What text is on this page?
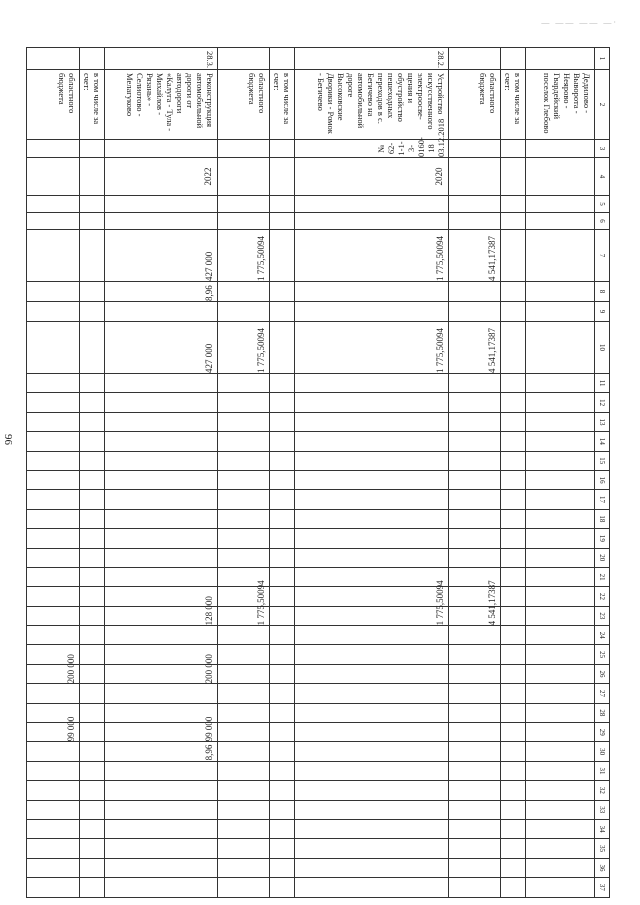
— —— —— —·
96
1	2	3	4	5	6	7	8	9	10	11	12	13	14	15	16	17	18	19	20	21	22	23	24	25	26	27	28	29	30	31	32	33	34	35	36	37
	Дедилово - Выворота - Неярово - Гвардейский поселок Глебово																																			
	в том числе за счет:																																			
	областного бюджета					4 541,17387			4 541,17387													4 541,17387														

28.2.	Устройство искусственного электроосве-щения и обустройство пешеходных переходов в с. Бегичево на автомобильной дороге Высоковские Дворики - Ромок - Бегичево	№ 62-1-1-3-0160-18 03.12.2018	2020			1 775,50094			1 775,50094													1 775,50094														

	в том числе за счет:																																			
	областного бюджета					1 775,50094			1 775,50094													1 775,50094														

28.3.	Реконструкция автомобильной дороги от автодороги «Калуга - Тула - Михайлов - Рязань» - Селиотово - Мелагуково		2022			427 000	8,96		427 000													128 000			200 000			99 000	8,96							

	в том числе за счет:																																			
	областного бюджета																								200 000			99 000								
